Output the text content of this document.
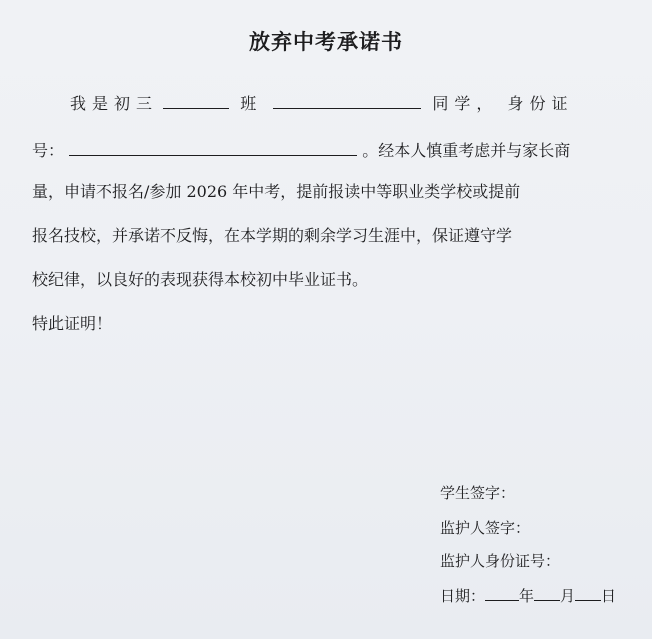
放弃中考承诺书
我是初三	班	同学， 身份证
号：	。经本人慎重考虑并与家长商
量，申请不报名/参加 2026 年中考，提前报读中等职业类学校或提前
报名技校，并承诺不反悔，在本学期的剩余学习生涯中，保证遵守学
校纪律，以良好的表现获得本校初中毕业证书。
特此证明！
学生签字：
监护人签字：
监护人身份证号：
日期： 年 月 日
